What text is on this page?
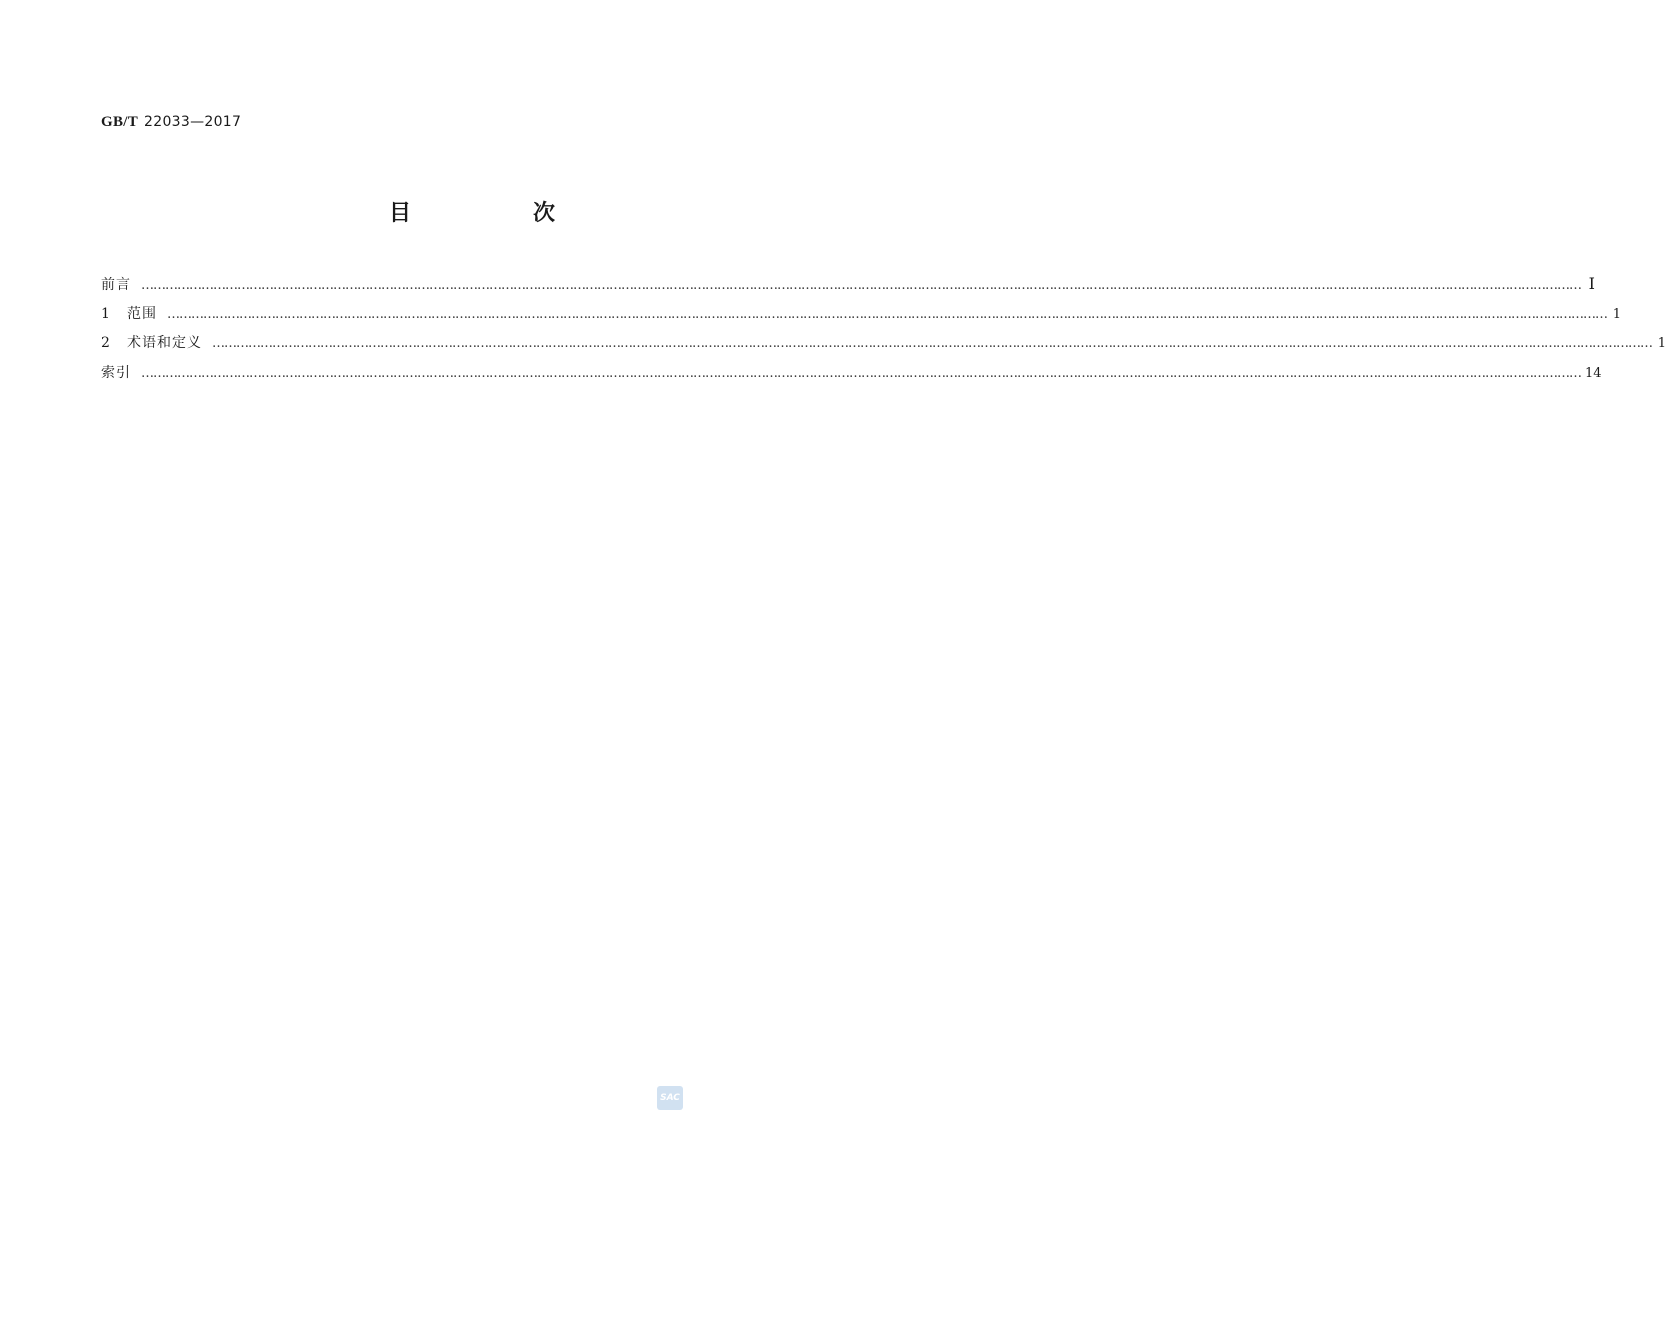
GB/T 22033—2017
目　次
前言 ……………………………………………………………………………………………………………………………………………………………………………………………………………………………………………………………………………………………………………………………… Ⅰ
1 范围 ……………………………………………………………………………………………………………………………………………………………………………………………………………………………………………………………………………………………………………………………… 1
2 术语和定义 ……………………………………………………………………………………………………………………………………………………………………………………………………………………………………………………………………………………………………………………………… 1
索引 ……………………………………………………………………………………………………………………………………………………………………………………………………………………………………………………………………………………………………………………………… 14
SAC
